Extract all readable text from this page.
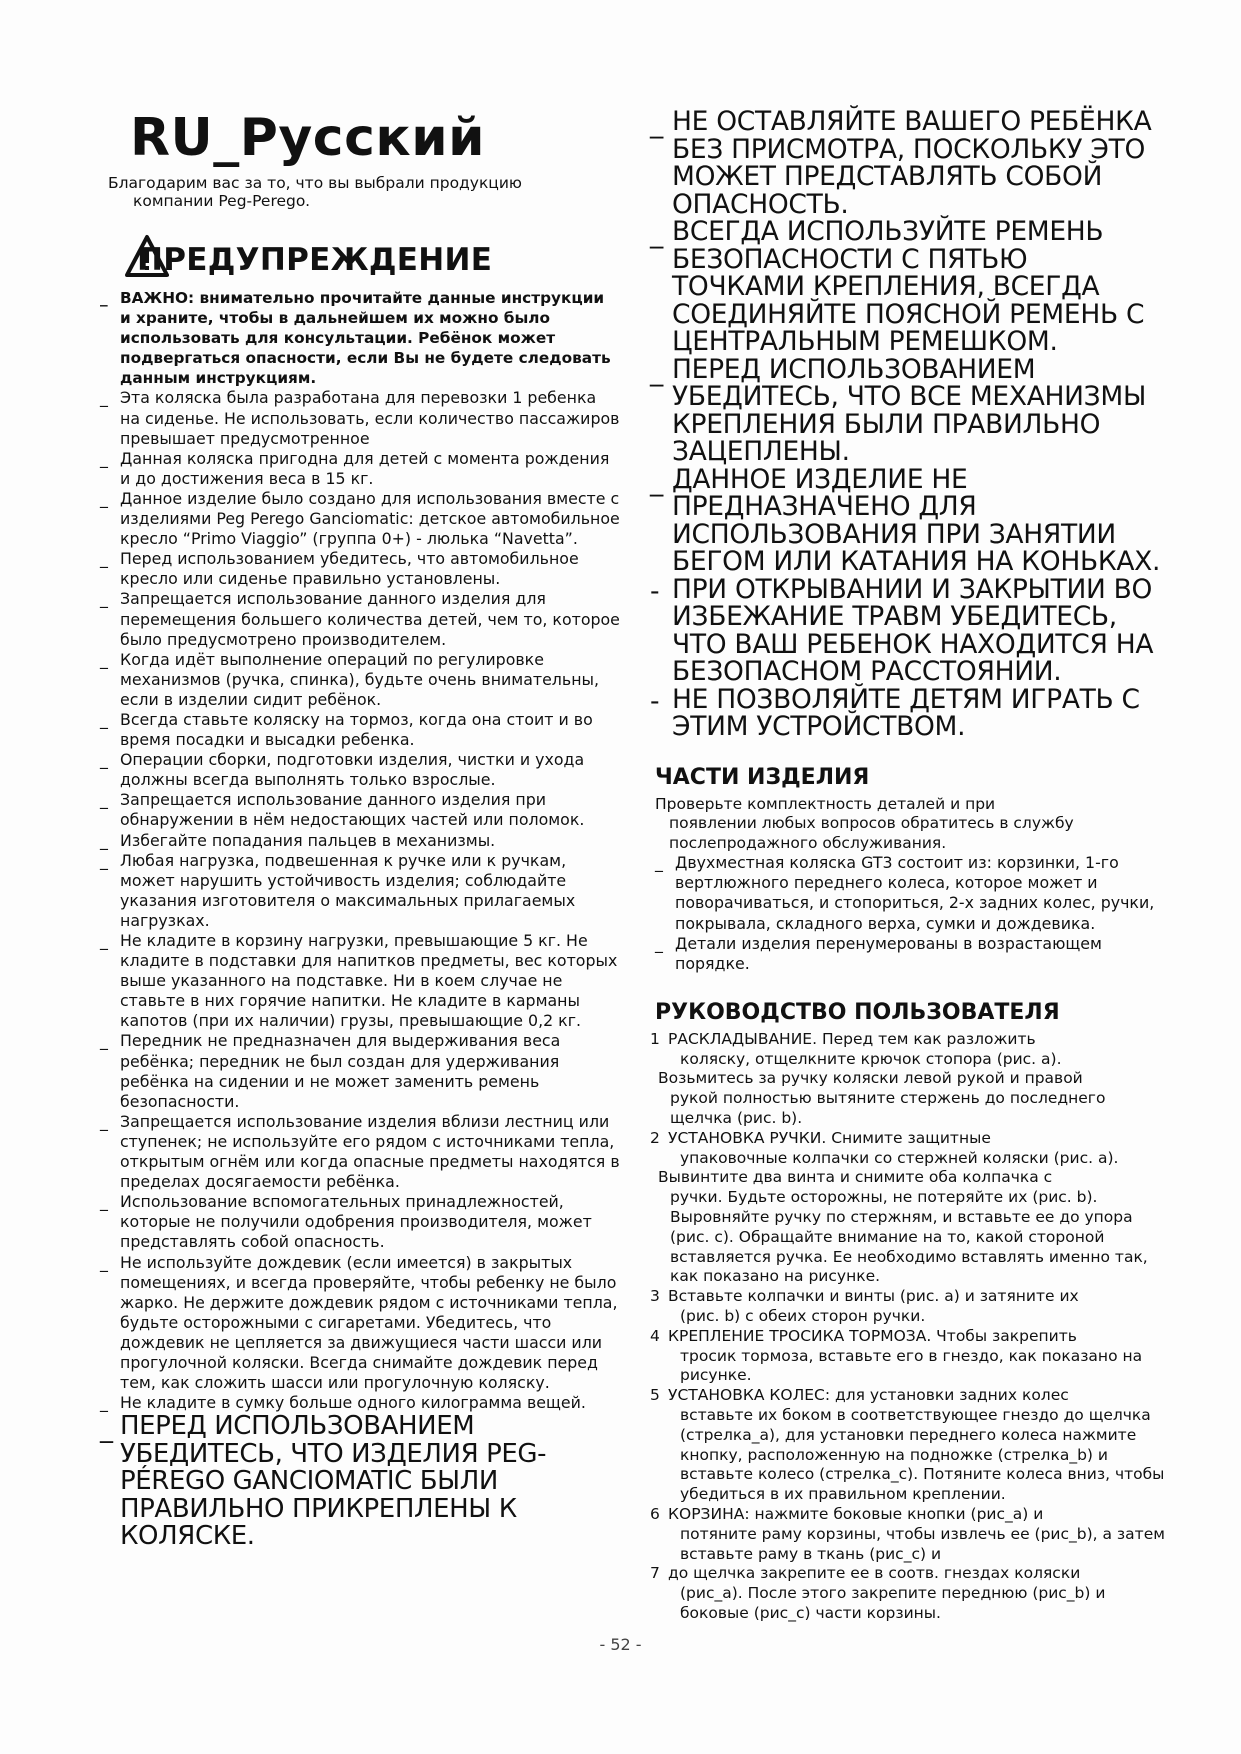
RU_Русский
Благодарим вас за то, что вы выбрали продукцию
компании Peg-Perego.
ПРЕДУПРЕЖДЕНИЕ
_ ВАЖНО: внимательно прочитайте данные инструкции и храните, чтобы в дальнейшем их можно было использовать для консультации. Ребёнок может подвергаться опасности, если Вы не будете следовать данным инструкциям.
_ Эта коляска была разработана для перевозки 1 ребенка на сиденье. Не использовать, если количество пассажиров превышает предусмотренное
_ Данная коляска пригодна для детей с момента рождения и до достижения веса в 15 кг.
_ Данное изделие было создано для использования вместе с изделиями Peg Perego Ganciomatic: детское автомобильное кресло “Primo Viaggio” (группа 0+) - люлька “Navetta”.
_ Перед использованием убедитесь, что автомобильное кресло или сиденье правильно установлены.
_ Запрещается использование данного изделия для перемещения большего количества детей, чем то, которое было предусмотрено производителем.
_ Когда идёт выполнение операций по регулировке механизмов (ручка, спинка), будьте очень внимательны, если в изделии сидит ребёнок.
_ Всегда ставьте коляску на тормоз, когда она стоит и во время посадки и высадки ребенка.
_ Операции сборки, подготовки изделия, чистки и ухода должны всегда выполнять только взрослые.
_ Запрещается использование данного изделия при обнаружении в нём недостающих частей или поломок.
_ Избегайте попадания пальцев в механизмы.
_ Любая нагрузка, подвешенная к ручке или к ручкам, может нарушить устойчивость изделия; соблюдайте указания изготовителя о максимальных прилагаемых нагрузках.
_ Не кладите в корзину нагрузки, превышающие 5 кг. Не кладите в подставки для напитков предметы, вес которых выше указанного на подставке. Ни в коем случае не ставьте в них горячие напитки. Не кладите в карманы капотов (при их наличии) грузы, превышающие 0,2 кг.
_ Передник не предназначен для выдерживания веса ребёнка; передник не был создан для удерживания ребёнка на сидении и не может заменить ремень безопасности.
_ Запрещается использование изделия вблизи лестниц или ступенек; не используйте его рядом с источниками тепла, открытым огнём или когда опасные предметы находятся в пределах досягаемости ребёнка.
_ Использование вспомогательных принадлежностей, которые не получили одобрения производителя, может представлять собой опасность.
_ Не используйте дождевик (если имеется) в закрытых помещениях, и всегда проверяйте, чтобы ребенку не было жарко. Не держите дождевик рядом с источниками тепла, будьте осторожными с сигаретами. Убедитесь, что дождевик не цепляется за движущиеся части шасси или прогулочной коляски. Всегда снимайте дождевик перед тем, как сложить шасси или прогулочную коляску.
_ Не кладите в сумку больше одного килограмма вещей.
_ ПЕРЕД ИСПОЛЬЗОВАНИЕМ УБЕДИТЕСЬ, ЧТО ИЗДЕЛИЯ PEG-PÉREGO GANCIOMATIC БЫЛИ ПРАВИЛЬНО ПРИКРЕПЛЕНЫ К КОЛЯСКЕ.
_ НЕ ОСТАВЛЯЙТЕ ВАШЕГО РЕБЁНКА БЕЗ ПРИСМОТРА, ПОСКОЛЬКУ ЭТО МОЖЕТ ПРЕДСТАВЛЯТЬ СОБОЙ ОПАСНОСТЬ.
_ ВСЕГДА ИСПОЛЬЗУЙТЕ РЕМЕНЬ БЕЗОПАСНОСТИ С ПЯТЬЮ ТОЧКАМИ КРЕПЛЕНИЯ, ВСЕГДА СОЕДИНЯЙТЕ ПОЯСНОЙ РЕМЕНЬ С ЦЕНТРАЛЬНЫМ РЕМЕШКОМ.
_ ПЕРЕД ИСПОЛЬЗОВАНИЕМ УБЕДИТЕСЬ, ЧТО ВСЕ МЕХАНИЗМЫ КРЕПЛЕНИЯ БЫЛИ ПРАВИЛЬНО ЗАЦЕПЛЕНЫ.
_ ДАННОЕ ИЗДЕЛИЕ НЕ ПРЕДНАЗНАЧЕНО ДЛЯ ИСПОЛЬЗОВАНИЯ ПРИ ЗАНЯТИИ БЕГОМ ИЛИ КАТАНИЯ НА КОНЬКАХ.
- ПРИ ОТКРЫВАНИИ И ЗАКРЫТИИ ВО ИЗБЕЖАНИЕ ТРАВМ УБЕДИТЕСЬ, ЧТО ВАШ РЕБЕНОК НАХОДИТСЯ НА БЕЗОПАСНОМ РАССТОЯНИИ.
- НЕ ПОЗВОЛЯЙТЕ ДЕТЯМ ИГРАТЬ С ЭТИМ УСТРОЙСТВОМ.
ЧАСТИ ИЗДЕЛИЯ
Проверьте комплектность деталей и при
появлении любых вопросов обратитесь в службу послепродажного обслуживания.
_ Двухместная коляска GT3 состоит из: корзинки, 1-го вертлюжного переднего колеса, которое может и поворачиваться, и стопориться, 2-х задних колес, ручки, покрывала, складного верха, сумки и дождевика.
_ Детали изделия перенумерованы в возрастающем порядке.
РУКОВОДСТВО ПОЛЬЗОВАТЕЛЯ
1 РАСКЛАДЫВАНИЕ. Перед тем как разложить
коляску, отщелкните крючок стопора (рис. a).
Возьмитесь за ручку коляски левой рукой и правой
рукой полностью вытяните стержень до последнего щелчка (рис. b).
2 УСТАНОВКА РУЧКИ. Снимите защитные
упаковочные колпачки со стержней коляски (рис. a).
Вывинтите два винта и снимите оба колпачка с
ручки. Будьте осторожны, не потеряйте их (рис. b). Выровняйте ручку по стержням, и вставьте ее до упора (рис. c). Обращайте внимание на то, какой стороной вставляется ручка. Ее необходимо вставлять именно так, как показано на рисунке.
3 Вставьте колпачки и винты (рис. a) и затяните их
(рис. b) с обеих сторон ручки.
4 КРЕПЛЕНИЕ ТРОСИКА ТОРМОЗА. Чтобы закрепить
тросик тормоза, вставьте его в гнездо, как показано на рисунке.
5 УСТАНОВКА КОЛЕС: для установки задних колес
вставьте их боком в соответствующее гнездо до щелчка (стрелка_a), для установки переднего колеса нажмите кнопку, расположенную на подножке (стрелка_b) и вставьте колесо (стрелка_c). Потяните колеса вниз, чтобы убедиться в их правильном креплении.
6 КОРЗИНА: нажмите боковые кнопки (рис_a) и
потяните раму корзины, чтобы извлечь ее (рис_b), а затем вставьте раму в ткань (рис_c) и
7 до щелчка закрепите ее в соотв. гнездах коляски
(рис_a). После этого закрепите переднюю (рис_b) и боковые (рис_c) части корзины.
- 52 -
